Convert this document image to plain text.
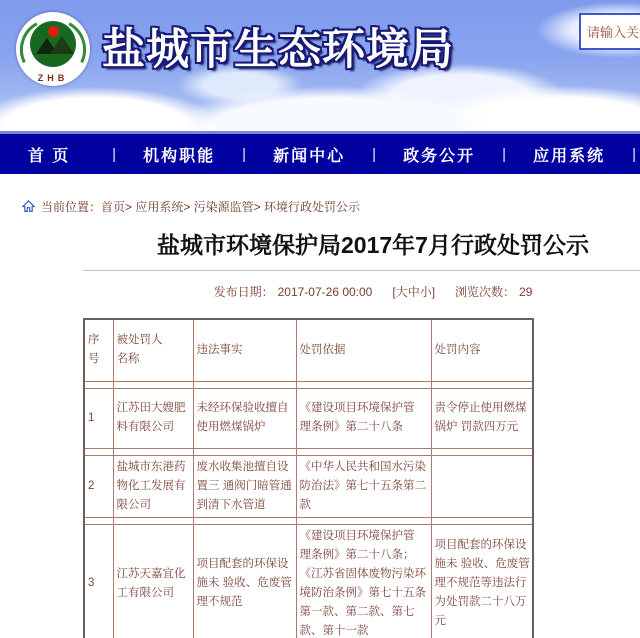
ZHB
盐城市生态环境局
请输入关键词
首 页	|	机构职能	|	新闻中心	|	政务公开	|	应用系统	|
当前位置：首页> 应用系统> 污染源监管> 环境行政处罚公示
盐城市环境保护局2017年7月行政处罚公示
发布日期： 2017-07-26 00:00 [大中小] 浏览次数： 29
序号	被处罚人名称	违法事实	处罚依据	处罚内容

1	江苏田大嫂肥料有限公司	未经环保验收擅自使用燃煤锅炉	《建设项目环境保护管 理条例》第二十八条	责令停止使用燃煤锅炉 罚款四万元

2	盐城市东港药物化工发展有限公司	废水收集池擅自设置三 通阀门暗管通到清下水管道	《中华人民共和国水污染防治法》第七十五条第二款	

3	江苏天嘉宜化工有限公司	项目配套的环保设施未 验收、危废管理不规范	《建设项目环境保护管 理条例》第二十八条；《江苏省固体废物污染环境防治条例》第七十五条第一款、第二款、第七款、第十一款	项目配套的环保设施未 验收、危废管理不规范等违法行为处罚款二十八万元
